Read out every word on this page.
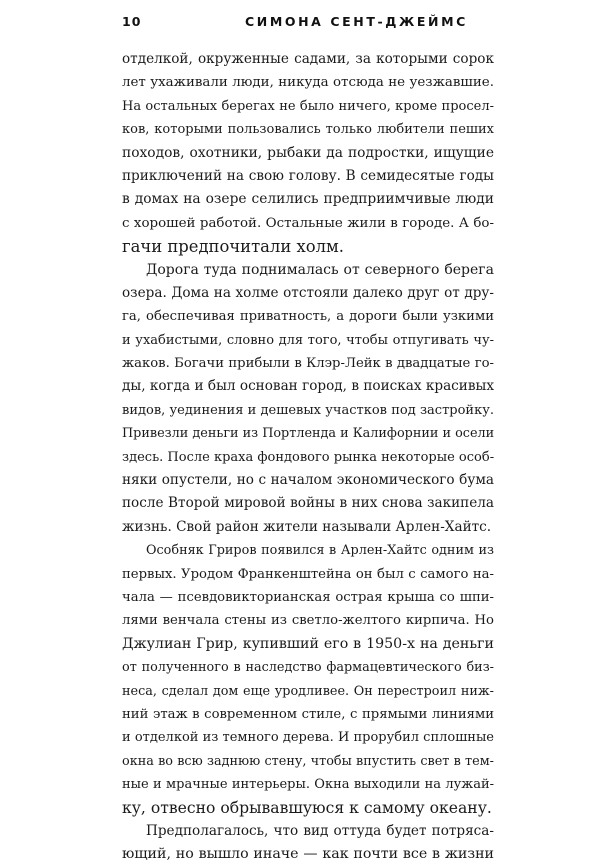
10	СИМОНА СЕНТ-ДЖЕЙМС
отделкой, окруженные садами, за которыми сорок
лет ухаживали люди, никуда отсюда не уезжавшие.
На остальных берегах не было ничего, кроме просел-
ков, которыми пользовались только любители пеших
походов, охотники, рыбаки да подростки, ищущие
приключений на свою голову. В семидесятые годы
в домах на озере селились предприимчивые люди
с хорошей работой. Остальные жили в городе. А бо-
гачи предпочитали холм.
Дорога туда поднималась от северного берега
озера. Дома на холме отстояли далеко друг от дру-
га, обеспечивая приватность, а дороги были узкими
и ухабистыми, словно для того, чтобы отпугивать чу-
жаков. Богачи прибыли в Клэр-Лейк в двадцатые го-
ды, когда и был основан город, в поисках красивых
видов, уединения и дешевых участков под застройку.
Привезли деньги из Портленда и Калифорнии и осели
здесь. После краха фондового рынка некоторые особ-
няки опустели, но с началом экономического бума
после Второй мировой войны в них снова закипела
жизнь. Свой район жители называли Арлен-Хайтс.
Особняк Гриров появился в Арлен-Хайтс одним из
первых. Уродом Франкенштейна он был с самого на-
чала — псевдовикторианская острая крыша со шпи-
лями венчала стены из светло-желтого кирпича. Но
Джулиан Грир, купивший его в 1950-х на деньги
от полученного в наследство фармацевтического биз-
неса, сделал дом еще уродливее. Он перестроил ниж-
ний этаж в современном стиле, с прямыми линиями
и отделкой из темного дерева. И прорубил сплошные
окна во всю заднюю стену, чтобы впустить свет в тем-
ные и мрачные интерьеры. Окна выходили на лужай-
ку, отвесно обрывавшуюся к самому океану.
Предполагалось, что вид оттуда будет потряса-
ющий, но вышло иначе — как почти все в жизни
